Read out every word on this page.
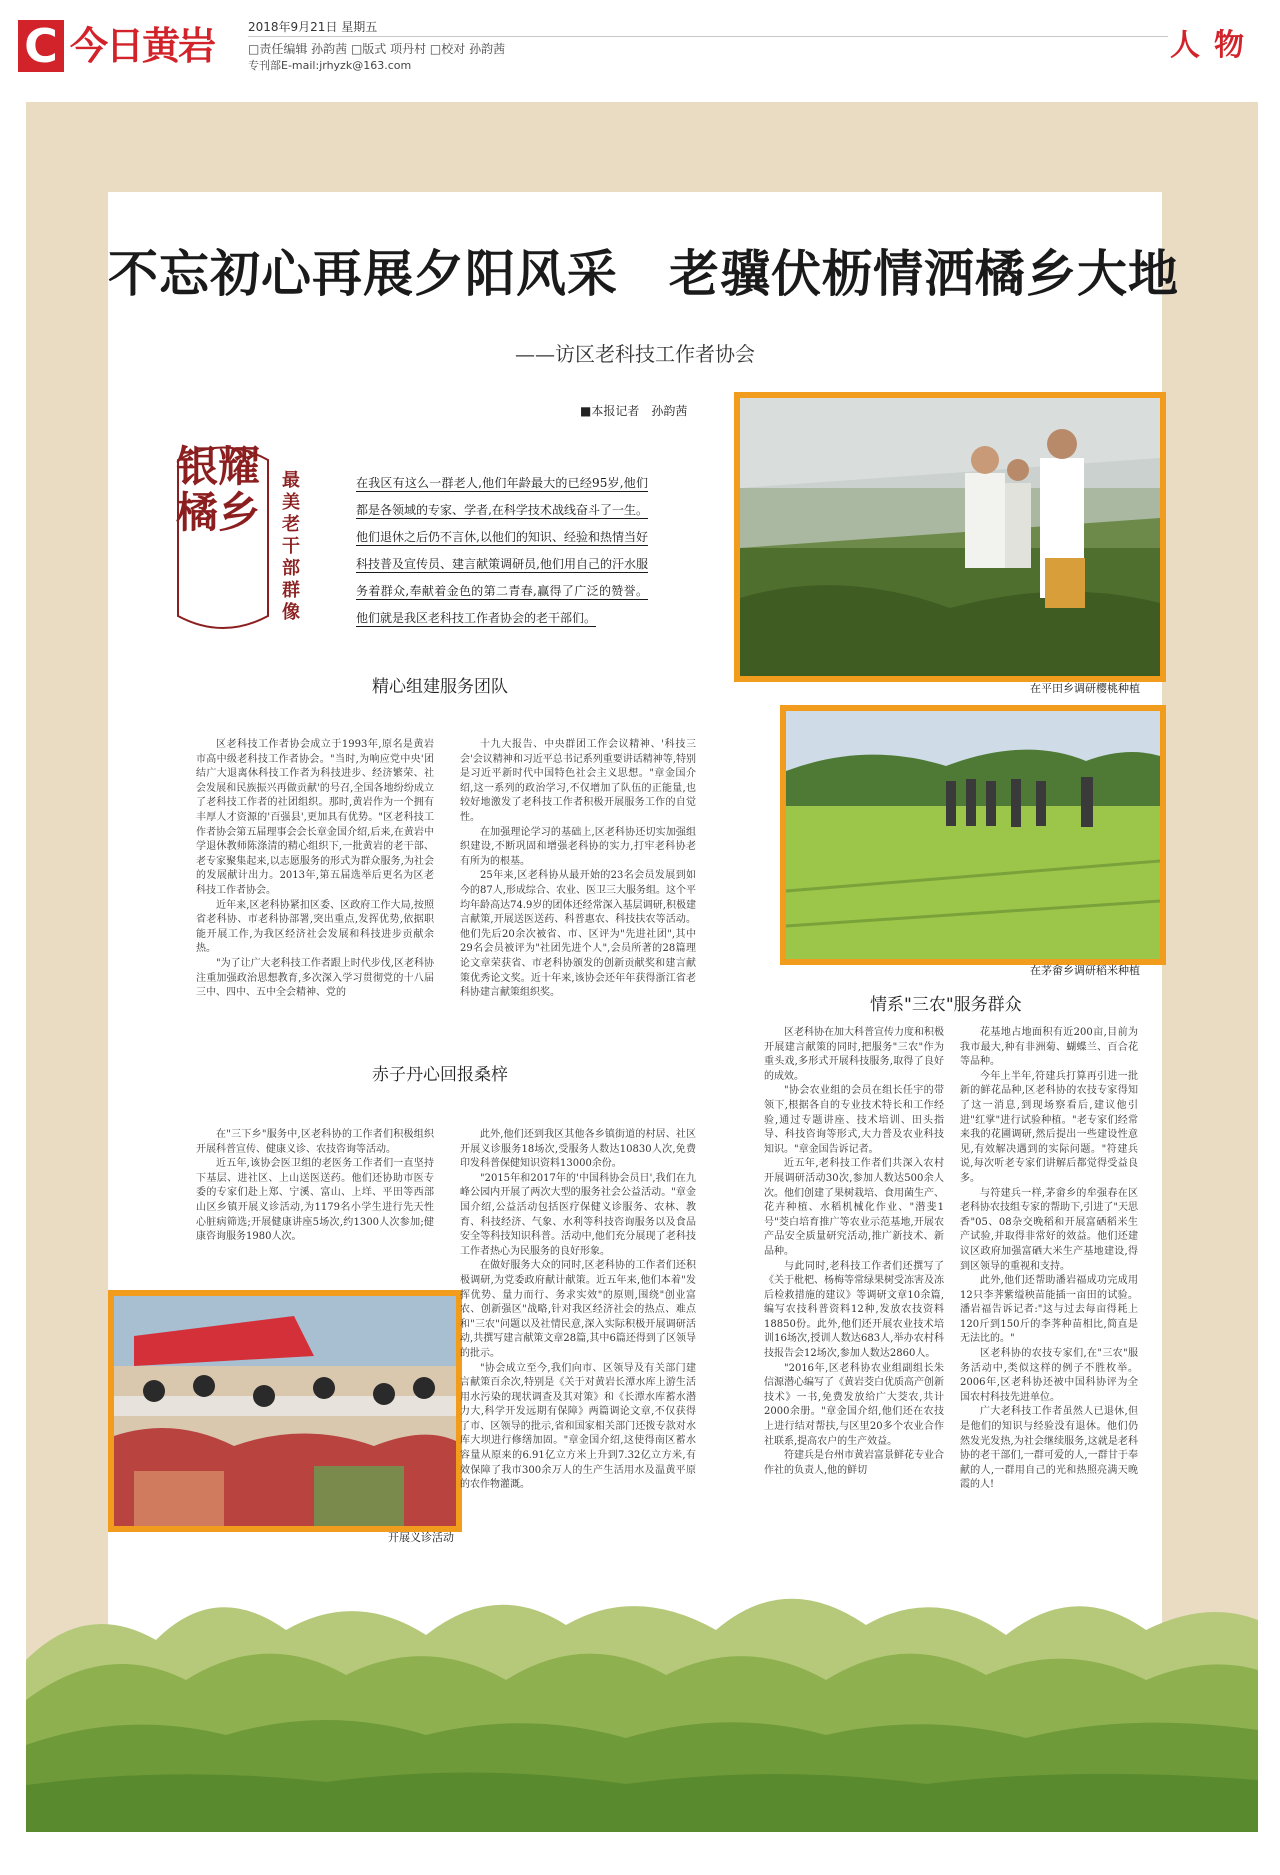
C 今日黄岩	2018年9月21日 星期五
□责任编辑 孙韵茜 □版式 项丹村 □校对 孙韵茜
专刊部E-mail:jrhyzk@163.com
人物
不忘初心再展夕阳风采　老骥伏枥情洒橘乡大地
——访区老科技工作者协会
■本报记者　孙韵茜
银耀橘乡
最美老干部群像
在我区有这么一群老人,他们年龄最大的已经95岁,他们都是各领域的专家、学者,在科学技术战线奋斗了一生。他们退休之后仍不言休,以他们的知识、经验和热情当好科技普及宣传员、建言献策调研员,他们用自己的汗水服务着群众,奉献着金色的第二青春,赢得了广泛的赞誉。他们就是我区老科技工作者协会的老干部们。
在平田乡调研樱桃种植
在茅畲乡调研稻米种植
开展义诊活动
精心组建服务团队

区老科技工作者协会成立于1993年,原名是黄岩市高中级老科技工作者协会。"当时,为响应党中央'团结广大退离休科技工作者为科技进步、经济繁荣、社会发展和民族振兴再做贡献'的号召,全国各地纷纷成立了老科技工作者的社团组织。那时,黄岩作为一个拥有丰厚人才资源的'百强县',更加具有优势。"区老科技工作者协会第五届理事会会长章金国介绍,后来,在黄岩中学退休教师陈涤清的精心组织下,一批黄岩的老干部、老专家聚集起来,以志愿服务的形式为群众服务,为社会的发展献计出力。2013年,第五届选举后更名为区老科技工作者协会。

近年来,区老科协紧扣区委、区政府工作大局,按照省老科协、市老科协部署,突出重点,发挥优势,依据职能开展工作,为我区经济社会发展和科技进步贡献余热。

"为了让广大老科技工作者跟上时代步伐,区老科协注重加强政治思想教育,多次深入学习贯彻党的十八届三中、四中、五中全会精神、党的

十九大报告、中央群团工作会议精神、'科技三会'会议精神和习近平总书记系列重要讲话精神等,特别是习近平新时代中国特色社会主义思想。"章金国介绍,这一系列的政治学习,不仅增加了队伍的正能量,也较好地激发了老科技工作者积极开展服务工作的自觉性。

在加强理论学习的基础上,区老科协还切实加强组织建设,不断巩固和增强老科协的实力,打牢老科协老有所为的根基。

25年来,区老科协从最开始的23名会员发展到如今的87人,形成综合、农业、医卫三大服务组。这个平均年龄高达74.9岁的团体还经常深入基层调研,积极建言献策,开展送医送药、科普惠农、科技扶农等活动。他们先后20余次被省、市、区评为"先进社团",其中29名会员被评为"社团先进个人",会员所著的28篇理论文章荣获省、市老科协颁发的创新贡献奖和建言献策优秀论文奖。近十年来,该协会还年年获得浙江省老科协建言献策组织奖。

赤子丹心回报桑梓

在"三下乡"服务中,区老科协的工作者们积极组织开展科普宣传、健康义诊、农技咨询等活动。

近五年,该协会医卫组的老医务工作者们一直坚持下基层、进社区、上山送医送药。他们还协助市医专委的专家们赴上郑、宁溪、富山、上垟、平田等西部山区乡镇开展义诊活动,为1179名小学生进行先天性心脏病筛选;开展健康讲座5场次,约1300人次参加;健康咨询服务1980人次。

此外,他们还到我区其他各乡镇街道的村居、社区开展义诊服务18场次,受服务人数达10830人次,免费印发科普保健知识资料13000余份。

"2015年和2017年的'中国科协会员日',我们在九峰公园内开展了两次大型的服务社会公益活动。"章金国介绍,公益活动包括医疗保健义诊服务、农林、教育、科技经济、气象、水利等科技咨询服务以及食品安全等科技知识科普。活动中,他们充分展现了老科技工作者热心为民服务的良好形象。

在做好服务大众的同时,区老科协的工作者们还积极调研,为党委政府献计献策。近五年来,他们本着"发挥优势、量力而行、务求实效"的原则,围绕"创业富农、创新强区"战略,针对我区经济社会的热点、难点和"三农"问题以及社情民意,深入实际积极开展调研活动,共撰写建言献策文章28篇,其中6篇还得到了区领导的批示。

"协会成立至今,我们向市、区领导及有关部门建言献策百余次,特别是《关于对黄岩长潭水库上游生活用水污染的现状调查及其对策》和《长潭水库蓄水潜力大,科学开发远期有保障》两篇调论文章,不仅获得了市、区领导的批示,省和国家相关部门还拨专款对水库大坝进行修缮加固。"章金国介绍,这使得南区蓄水容量从原来的6.91亿立方米上升到7.32亿立方米,有效保障了我市300余万人的生产生活用水及温黄平原的农作物灌溉。

情系"三农"服务群众

区老科协在加大科普宣传力度和积极开展建言献策的同时,把服务"三农"作为重头戏,多形式开展科技服务,取得了良好的成效。

"协会农业组的会员在组长任宇的带领下,根据各自的专业技术特长和工作经验,通过专题讲座、技术培训、田头指导、科技咨询等形式,大力普及农业科技知识。"章金国告诉记者。

近五年,老科技工作者们共深入农村开展调研活动30次,参加人数达500余人次。他们创建了果树栽培、食用菌生产、花卉种植、水稻机械化作业、"潜斐1号"茭白培育推广等农业示范基地,开展农产品安全质量研究活动,推广新技术、新品种。

与此同时,老科技工作者们还撰写了《关于枇杷、杨梅等常绿果树受冻害及冻后检救措施的建议》等调研文章10余篇,编写农技科普资料12种,发放农技资料18850份。此外,他们还开展农业技术培训16场次,授训人数达683人,举办农村科技报告会12场次,参加人数达2860人。

"2016年,区老科协农业组副组长朱信源潜心编写了《黄岩茭白优质高产创新技术》一书,免费发放给广大茭农,共计2000余册。"章金国介绍,他们还在农技上进行结对帮扶,与区里20多个农业合作社联系,提高农户的生产效益。

符建兵是台州市黄岩富景鲜花专业合作社的负责人,他的鲜切

花基地占地面积有近200亩,目前为我市最大,种有非洲菊、蝴蝶兰、百合花等品种。

今年上半年,符建兵打算再引进一批新的鲜花品种,区老科协的农技专家得知了这一消息,到现场察看后,建议他引进"红掌"进行试验种植。"老专家们经常来我的花圃调研,然后提出一些建设性意见,有效解决遇到的实际问题。"符建兵说,每次听老专家们讲解后都觉得受益良多。

与符建兵一样,茅畲乡的牟强春在区老科协农技组专家的帮助下,引进了"天思香"05、08杂交晚稻和开展富硒稻米生产试验,并取得非常好的效益。他们还建议区政府加强富硒大米生产基地建设,得到区领导的重视和支持。

此外,他们还帮助潘岩福成功完成用12只李荠紫缢秧苗能插一亩田的试验。潘岩福告诉记者:"这与过去每亩得耗上120斤到150斤的李荠种苗相比,简直是无法比的。"

区老科协的农技专家们,在"三农"服务活动中,类似这样的例子不胜枚举。2006年,区老科协还被中国科协评为全国农村科技先进单位。

广大老科技工作者虽然人已退休,但是他们的知识与经验没有退休。他们仍然发光发热,为社会继续服务,这就是老科协的老干部们,一群可爱的人,一群甘于奉献的人,一群用自己的光和热照亮满天晚霞的人!
